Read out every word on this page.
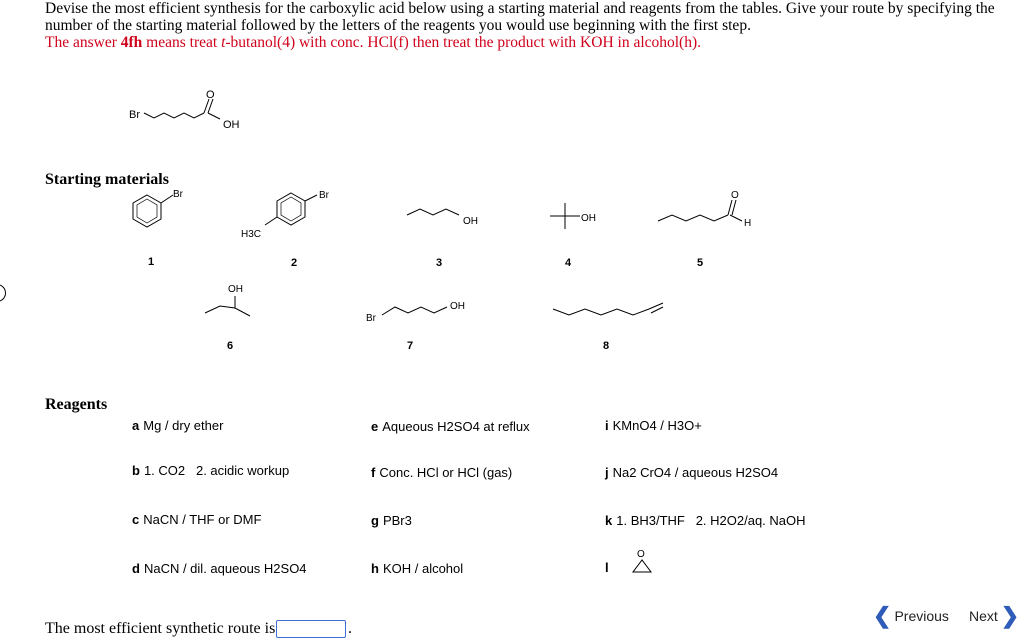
Devise the most efficient synthesis for the carboxylic acid below using a starting material and reagents from the tables. Give your route by specifying the number of the starting material followed by the letters of the reagents you would use beginning with the first step.
The answer 4fh means treat t-butanol(4) with conc. HCl(f) then treat the product with KOH in alcohol(h).
Br
O
OH
Starting materials
Br
1
Br
H3C
2
OH
3
OH
4
O
H
5
OH
6
Br
OH
7	8
Reagents
a Mg / dry ether
b 1. CO2   2. acidic workup
c NaCN / THF or DMF
d NaCN / dil. aqueous H2SO4
e Aqueous H2SO4 at reflux
f Conc. HCl or HCl (gas)
g PBr3
h KOH / alcohol
i KMnO4 / H3O+
j Na2 CrO4 / aqueous H2SO4
k 1. BH3/THF   2. H2O2/aq. NaOH
l
O
The most efficient synthetic route is	.
❮ Previous Next ❯
